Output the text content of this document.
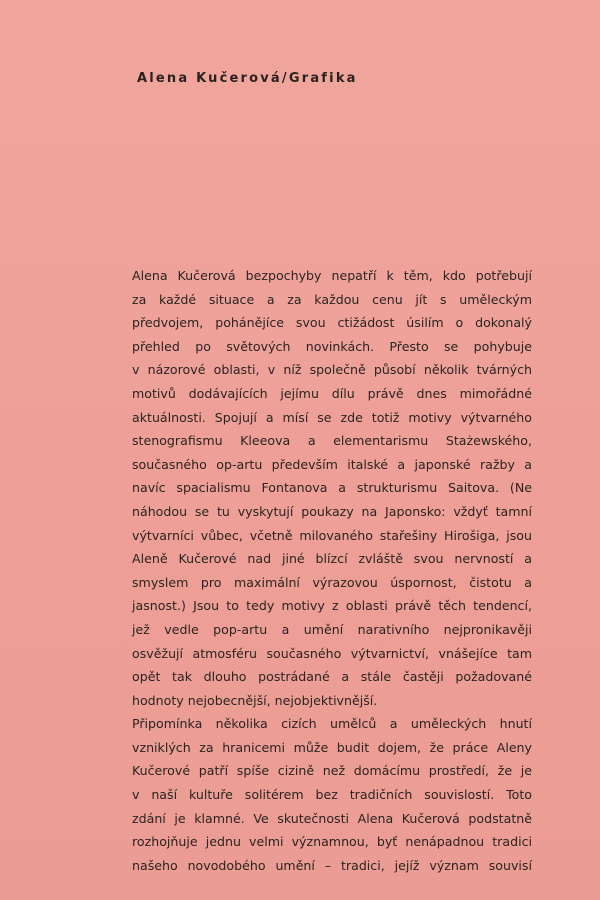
Alena Kučerová/Grafika
Alena Kučerová bezpochyby nepatří k těm, kdo potřebují
za každé situace a za každou cenu jít s uměleckým
předvojem, pohánějíce svou ctižádost úsilím o dokonalý
přehled po světových novinkách. Přesto se pohybuje
v názorové oblasti, v níž společně působí několik tvárných
motivů dodávajících jejímu dílu právě dnes mimořádné
aktuálnosti. Spojují a mísí se zde totiž motivy výtvarného
stenografismu Kleeova a elementarismu Stażewského,
současného op-artu především italské a japonské ražby a
navíc spacialismu Fontanova a strukturismu Saitova. (Ne
náhodou se tu vyskytují poukazy na Japonsko: vždyť tamní
výtvarníci vůbec, včetně milovaného stařešiny Hirošiga, jsou
Aleně Kučerové nad jiné blízcí zvláště svou nervností a
smyslem pro maximální výrazovou úspornost, čistotu a
jasnost.) Jsou to tedy motivy z oblasti právě těch tendencí,
jež vedle pop-artu a umění narativního nejpronikavěji
osvěžují atmosféru současného výtvarnictví, vnášejíce tam
opět tak dlouho postrádané a stále častěji požadované
hodnoty nejobecnější, nejobjektivnější.
Připomínka několika cizích umělců a uměleckých hnutí
vzniklých za hranicemi může budit dojem, že práce Aleny
Kučerové patří spíše cizině než domácímu prostředí, že je
v naší kultuře solitérem bez tradičních souvislostí. Toto
zdání je klamné. Ve skutečnosti Alena Kučerová podstatně
rozhojňuje jednu velmi významnou, byť nenápadnou tradici
našeho novodobého umění – tradici, jejíž význam souvisí
